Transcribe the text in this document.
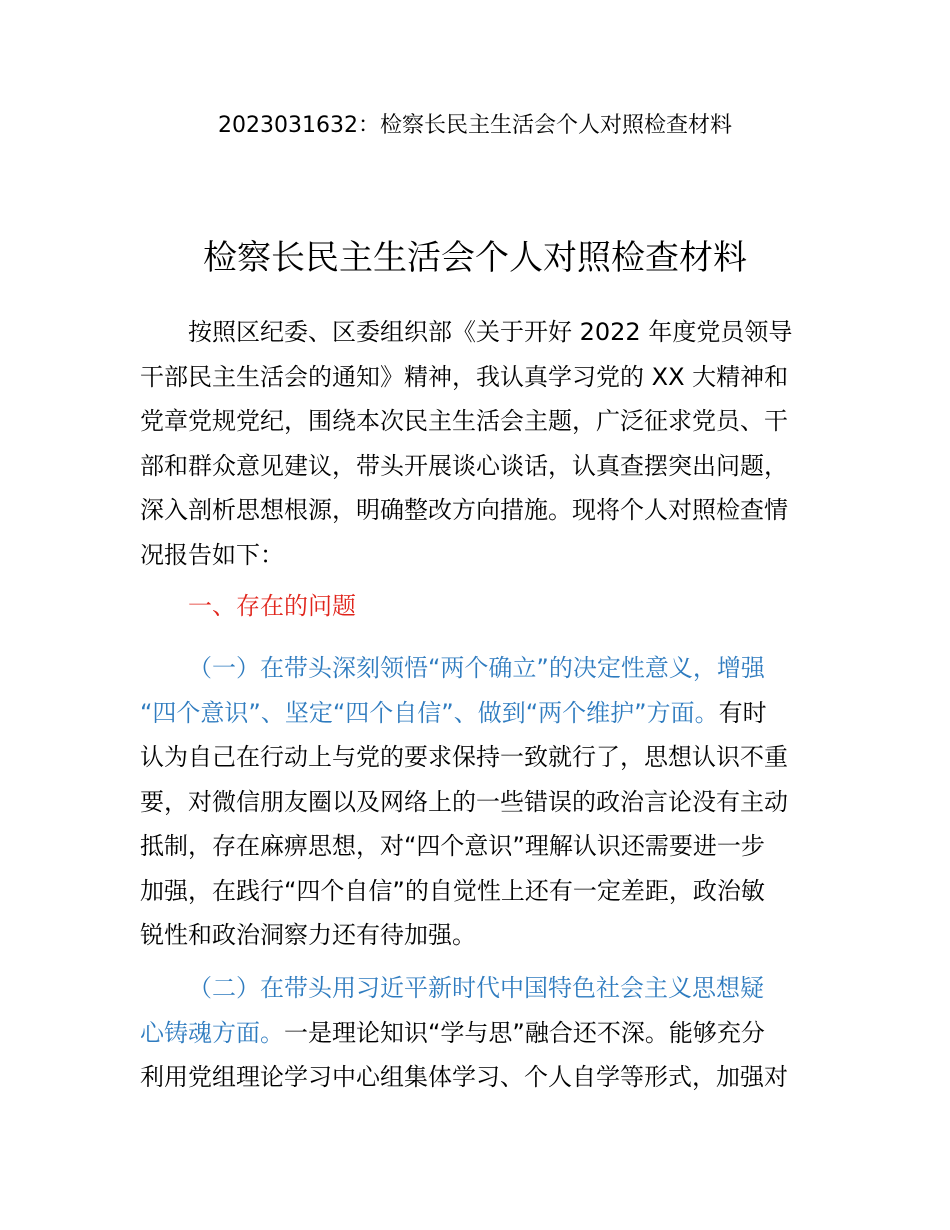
2023031632：检察长民主生活会个人对照检查材料
检察长民主生活会个人对照检查材料
按照区纪委、区委组织部《关于开好 2022 年度党员领导
干部民主生活会的通知》精神，我认真学习党的 XX 大精神和
党章党规党纪，围绕本次民主生活会主题，广泛征求党员、干
部和群众意见建议，带头开展谈心谈话，认真查摆突出问题，
深入剖析思想根源，明确整改方向措施。现将个人对照检查情
况报告如下：
一、存在的问题
（一）在带头深刻领悟“两个确立”的决定性意义，增强
“四个意识”、坚定“四个自信”、做到“两个维护”方面。有时
认为自己在行动上与党的要求保持一致就行了，思想认识不重
要，对微信朋友圈以及网络上的一些错误的政治言论没有主动
抵制，存在麻痹思想，对“四个意识”理解认识还需要进一步
加强，在践行“四个自信”的自觉性上还有一定差距，政治敏
锐性和政治洞察力还有待加强。
（二）在带头用习近平新时代中国特色社会主义思想疑
心铸魂方面。一是理论知识“学与思”融合还不深。能够充分
利用党组理论学习中心组集体学习、个人自学等形式，加强对
